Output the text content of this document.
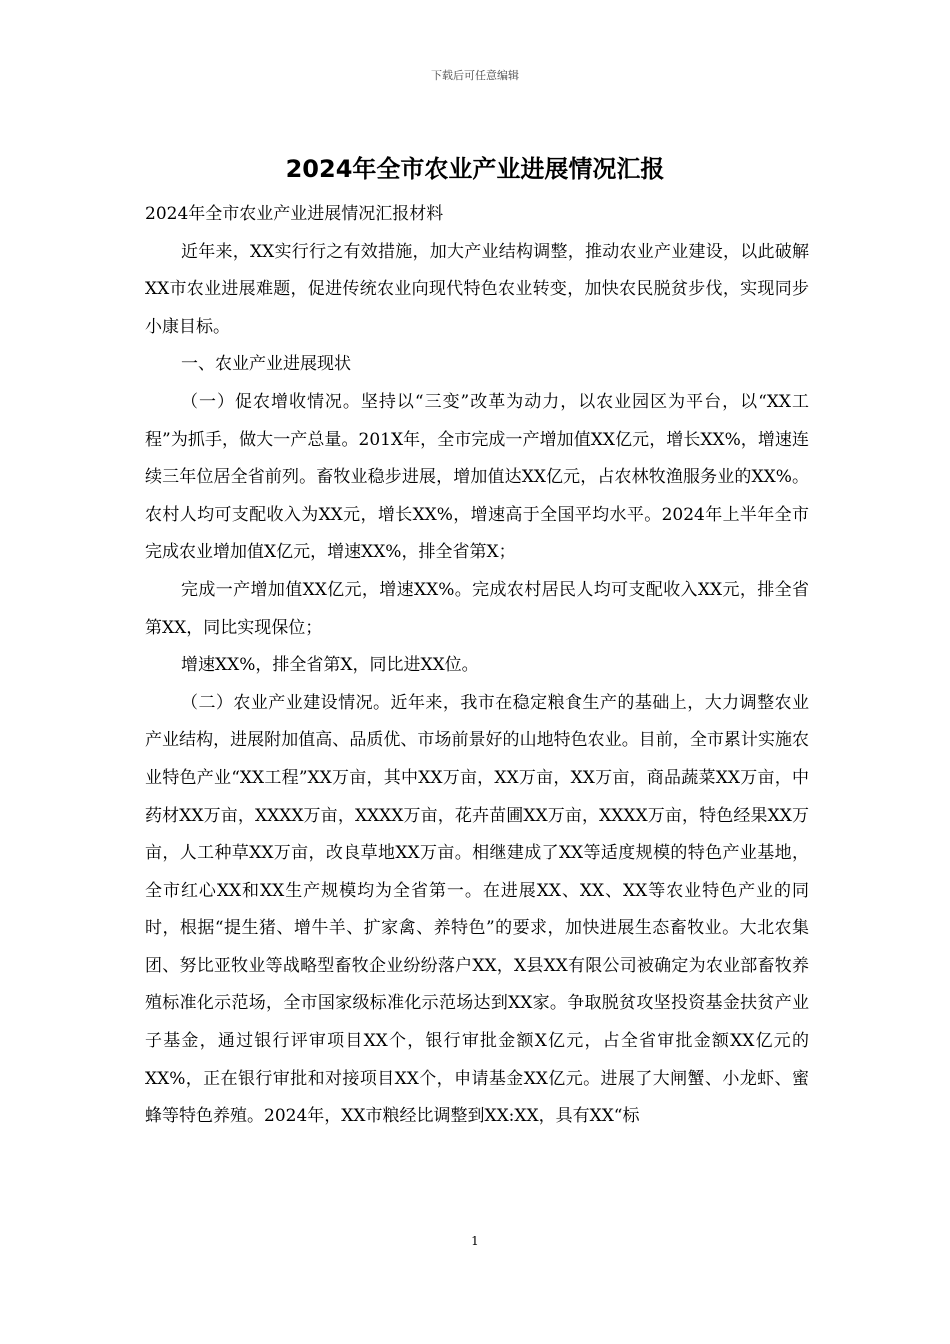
下载后可任意编辑
2024年全市农业产业进展情况汇报

2024年全市农业产业进展情况汇报材料

近年来，XX实行行之有效措施，加大产业结构调整，推动农业产业建设，以此破解XX市农业进展难题，促进传统农业向现代特色农业转变，加快农民脱贫步伐，实现同步小康目标。

一、农业产业进展现状

（一）促农增收情况。坚持以“三变”改革为动力，以农业园区为平台，以“XX工程”为抓手，做大一产总量。201X年，全市完成一产增加值XX亿元，增长XX%，增速连续三年位居全省前列。畜牧业稳步进展，增加值达XX亿元，占农林牧渔服务业的XX%。农村人均可支配收入为XX元，增长XX%，增速高于全国平均水平。2024年上半年全市完成农业增加值X亿元，增速XX%，排全省第X；

完成一产增加值XX亿元，增速XX%。完成农村居民人均可支配收入XX元，排全省第XX，同比实现保位；

增速XX%，排全省第X，同比进XX位。

（二）农业产业建设情况。近年来，我市在稳定粮食生产的基础上，大力调整农业产业结构，进展附加值高、品质优、市场前景好的山地特色农业。目前，全市累计实施农业特色产业“XX工程”XX万亩，其中XX万亩，XX万亩，XX万亩，商品蔬菜XX万亩，中药材XX万亩，XXXX万亩，XXXX万亩，花卉苗圃XX万亩，XXXX万亩，特色经果XX万亩，人工种草XX万亩，改良草地XX万亩。相继建成了XX等适度规模的特色产业基地，全市红心XX和XX生产规模均为全省第一。在进展XX、XX、XX等农业特色产业的同时，根据“提生猪、增牛羊、扩家禽、养特色”的要求，加快进展生态畜牧业。大北农集团、努比亚牧业等战略型畜牧企业纷纷落户XX，X县XX有限公司被确定为农业部畜牧养殖标准化示范场，全市国家级标准化示范场达到XX家。争取脱贫攻坚投资基金扶贫产业子基金，通过银行评审项目XX个，银行审批金额X亿元，占全省审批金额XX亿元的XX%，正在银行审批和对接项目XX个，申请基金XX亿元。进展了大闸蟹、小龙虾、蜜蜂等特色养殖。2024年，XX市粮经比调整到XX:XX，具有XX“标

1
